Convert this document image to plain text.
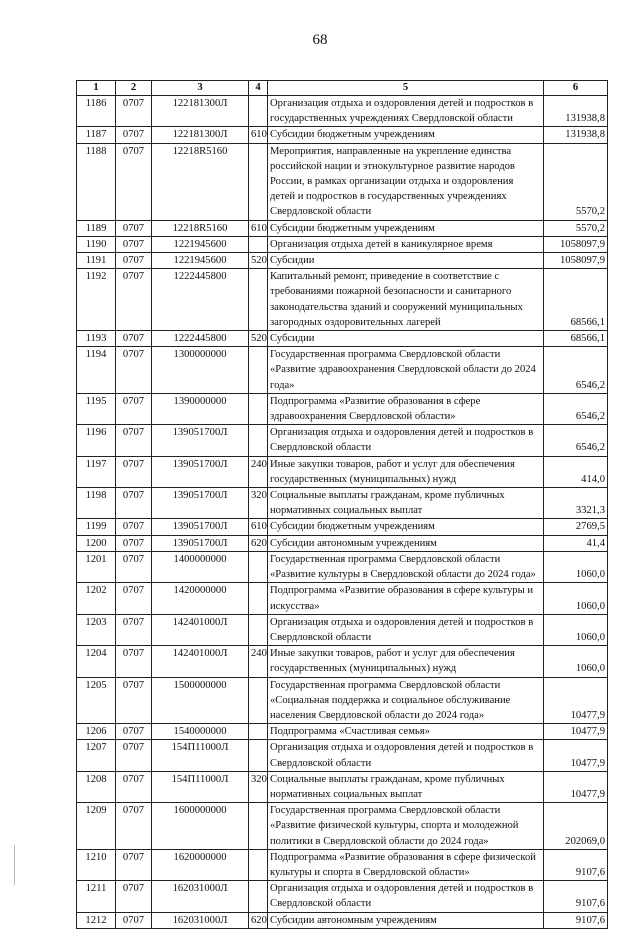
68
1	2	3	4	5	6
1186	0707	122181300Л		Организация отдыха и оздоровления детей и подростков в государственных учреждениях Свердловской области	131938,8
1187	0707	122181300Л	610	Субсидии бюджетным учреждениям	131938,8
1188	0707	12218R5160		Мероприятия, направленные на укрепление единства российской нации и этнокультурное развитие народов России, в рамках организации отдыха и оздоровления детей и подростков в государственных учреждениях Свердловской области	5570,2
1189	0707	12218R5160	610	Субсидии бюджетным учреждениям	5570,2
1190	0707	1221945600		Организация отдыха детей в каникулярное время	1058097,9
1191	0707	1221945600	520	Субсидии	1058097,9
1192	0707	1222445800		Капитальный ремонт, приведение в соответствие с требованиями пожарной безопасности и санитарного законодательства зданий и сооружений муниципальных загородных оздоровительных лагерей	68566,1
1193	0707	1222445800	520	Субсидии	68566,1
1194	0707	1300000000		Государственная программа Свердловской области «Развитие здравоохранения Свердловской области до 2024 года»	6546,2
1195	0707	1390000000		Подпрограмма «Развитие образования в сфере здравоохранения Свердловской области»	6546,2
1196	0707	139051700Л		Организация отдыха и оздоровления детей и подростков в Свердловской области	6546,2
1197	0707	139051700Л	240	Иные закупки товаров, работ и услуг для обеспечения государственных (муниципальных) нужд	414,0
1198	0707	139051700Л	320	Социальные выплаты гражданам, кроме публичных нормативных социальных выплат	3321,3
1199	0707	139051700Л	610	Субсидии бюджетным учреждениям	2769,5
1200	0707	139051700Л	620	Субсидии автономным учреждениям	41,4
1201	0707	1400000000		Государственная программа Свердловской области «Развитие культуры в Свердловской области до 2024 года»	1060,0
1202	0707	1420000000		Подпрограмма «Развитие образования в сфере культуры и искусства»	1060,0
1203	0707	142401000Л		Организация отдыха и оздоровления детей и подростков в Свердловской области	1060,0
1204	0707	142401000Л	240	Иные закупки товаров, работ и услуг для обеспечения государственных (муниципальных) нужд	1060,0
1205	0707	1500000000		Государственная программа Свердловской области «Социальная поддержка и социальное обслуживание населения Свердловской области до 2024 года»	10477,9
1206	0707	1540000000		Подпрограмма «Счастливая семья»	10477,9
1207	0707	154П11000Л		Организация отдыха и оздоровления детей и подростков в Свердловской области	10477,9
1208	0707	154П11000Л	320	Социальные выплаты гражданам, кроме публичных нормативных социальных выплат	10477,9
1209	0707	1600000000		Государственная программа Свердловской области «Развитие физической культуры, спорта и молодежной политики в Свердловской области до 2024 года»	202069,0
1210	0707	1620000000		Подпрограмма «Развитие образования в сфере физической культуры и спорта в Свердловской области»	9107,6
1211	0707	162031000Л		Организация отдыха и оздоровления детей и подростков в Свердловской области	9107,6
1212	0707	162031000Л	620	Субсидии автономным учреждениям	9107,6
